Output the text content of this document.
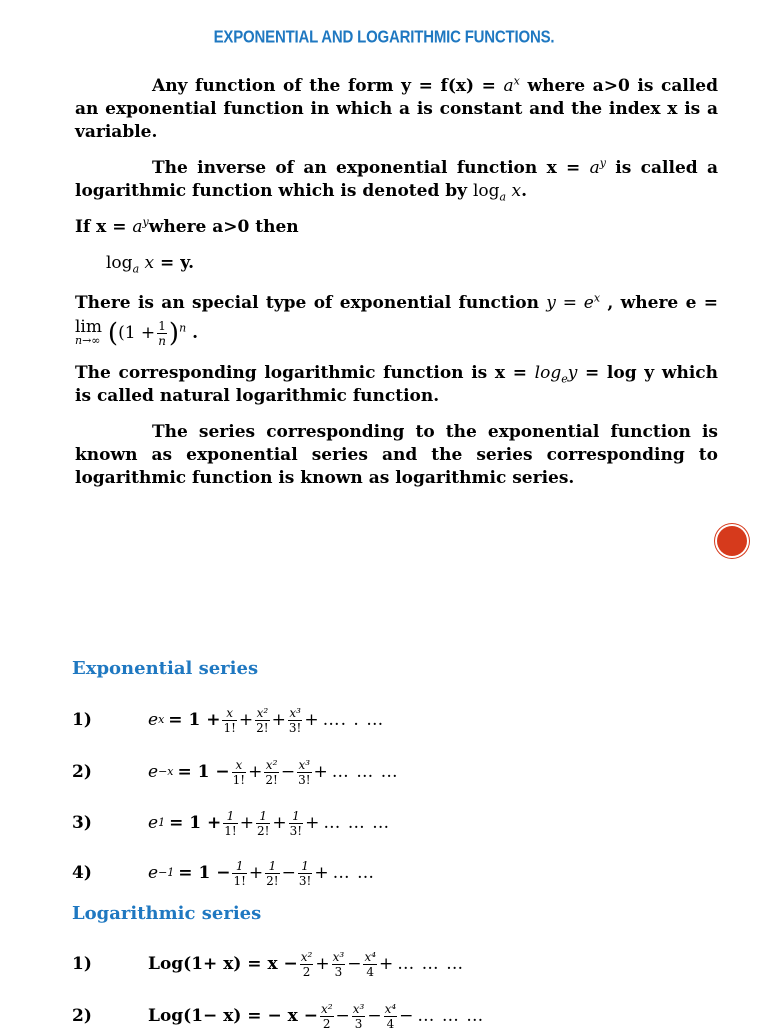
EXPONENTIAL AND LOGARITHMIC FUNCTIONS.
Any function of the form $y = f(x) = a^x$ where a>0 is called an exponential function in which a is constant and the index x is a variable.
The inverse of an exponential function $x = a^y$ is called a logarithmic function which is denoted by $\log_a x$.
If $x = a^ywhere$ a>0 then
$\log_a x = y$.
There is an special type of exponential function $y = e^x$ , where e =
lim
n→∞ ($(1 + \frac{1}{n} )^n$ .
The corresponding logarithmic function is $x = \log_ey = \log y$ which is called natural logarithmic function.
The series corresponding to the exponential function is known as exponential series and the series corresponding to logarithmic function is known as logarithmic series.
Exponential series
1)	e $x = 1 + \frac{x}{1!} + \frac{\text{x²}}{2!} + \frac{\text{x³}}{3!}$ + …. . …
2)	$e -x = 1 - \frac{x}{1!} + \frac{\text{x²}}{2!} - \frac{\text{x³}}{3!}$ + … … …
3)	e $1 = 1 + \frac{1}{1!} + \frac{1}{2!} + \frac{1}{3!}$ + … … …
4)	$e -1 = 1 - \frac{1}{1!} + \frac{1}{2!} - \frac{1}{3!}$ + … …
Logarithmic series
1)	$Log(1+ x) = x - \frac{\text{x²}}{2} + \frac{\text{x³}}{3} - \frac{\text{x⁴}}{4}$ + … … …
2)	Log(1− x) = − $x - \frac{\text{x²}}{2} - \frac{\text{x³}}{3} - \frac{\text{x⁴}}{4}$ − … … …
